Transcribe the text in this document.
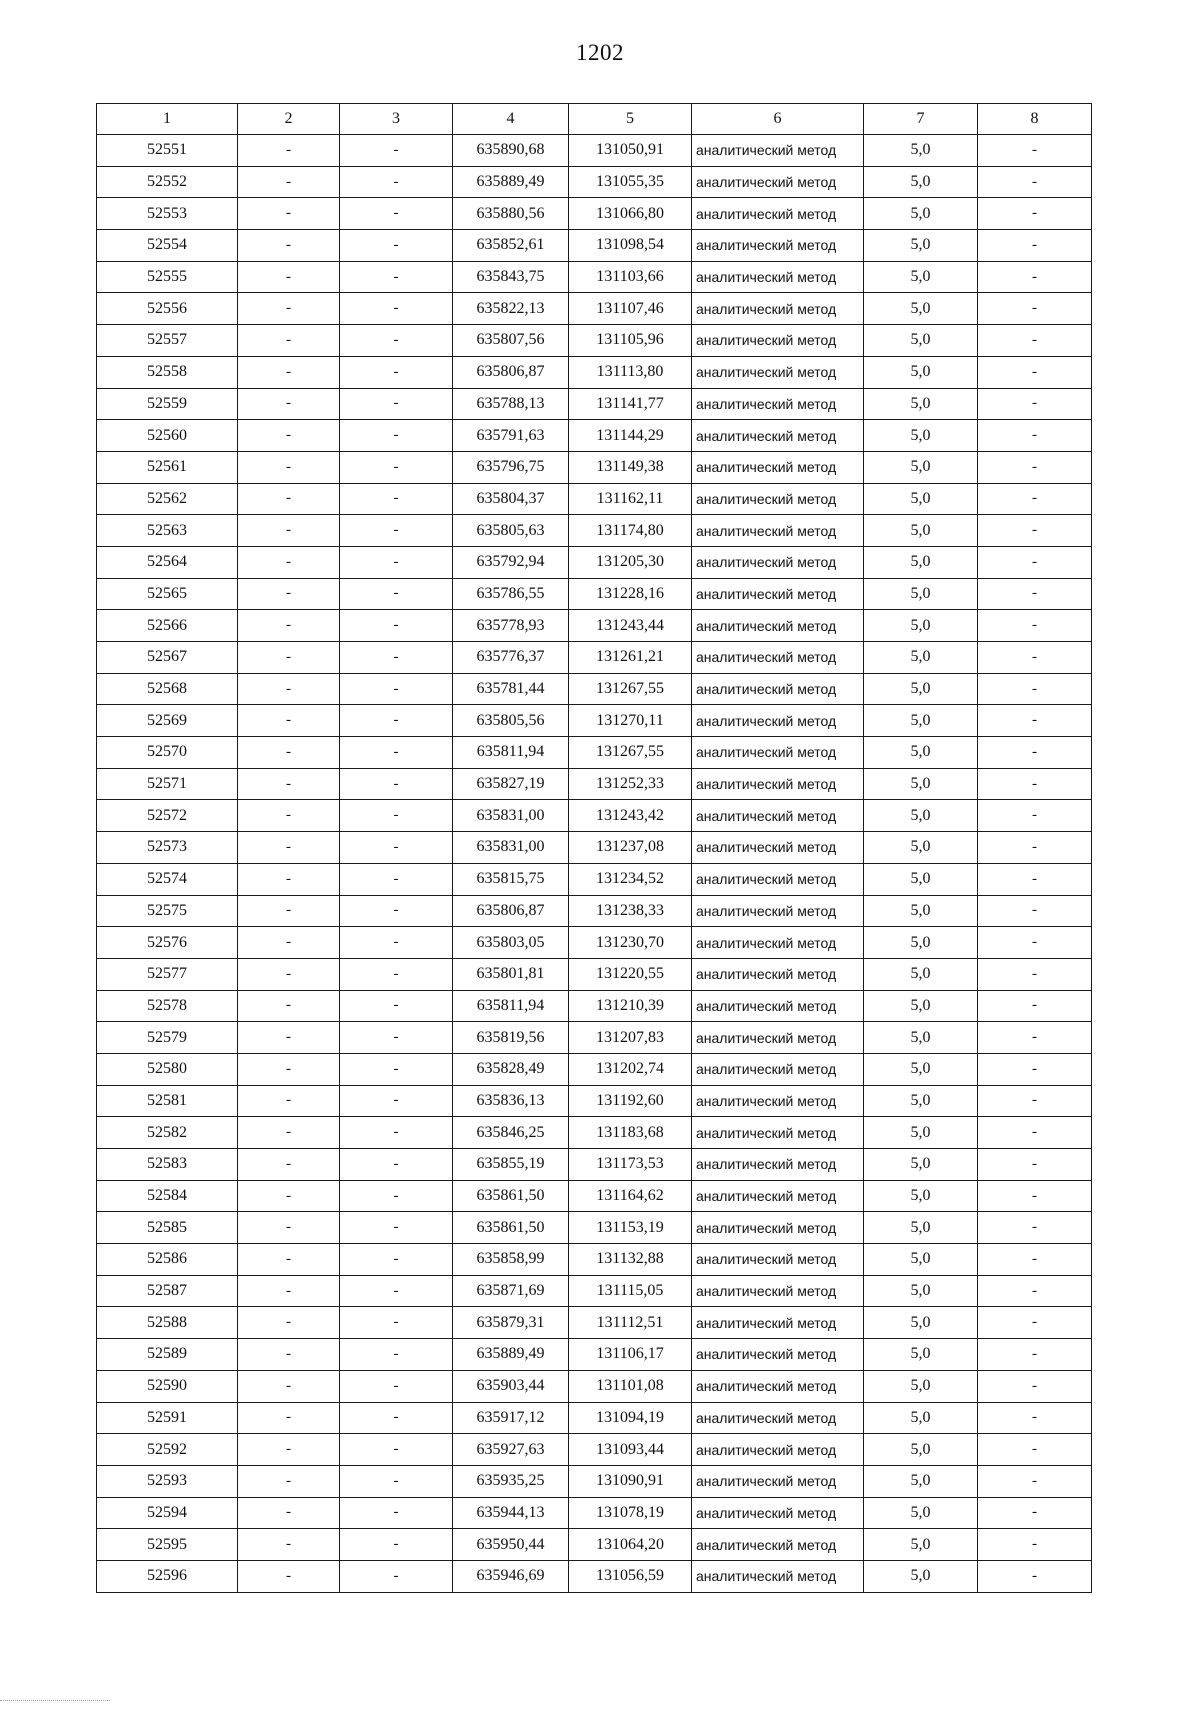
1202
1	2	3	4	5	6	7	8
52551	-	-	635890,68	131050,91	аналитический метод	5,0	-
52552	-	-	635889,49	131055,35	аналитический метод	5,0	-
52553	-	-	635880,56	131066,80	аналитический метод	5,0	-
52554	-	-	635852,61	131098,54	аналитический метод	5,0	-
52555	-	-	635843,75	131103,66	аналитический метод	5,0	-
52556	-	-	635822,13	131107,46	аналитический метод	5,0	-
52557	-	-	635807,56	131105,96	аналитический метод	5,0	-
52558	-	-	635806,87	131113,80	аналитический метод	5,0	-
52559	-	-	635788,13	131141,77	аналитический метод	5,0	-
52560	-	-	635791,63	131144,29	аналитический метод	5,0	-
52561	-	-	635796,75	131149,38	аналитический метод	5,0	-
52562	-	-	635804,37	131162,11	аналитический метод	5,0	-
52563	-	-	635805,63	131174,80	аналитический метод	5,0	-
52564	-	-	635792,94	131205,30	аналитический метод	5,0	-
52565	-	-	635786,55	131228,16	аналитический метод	5,0	-
52566	-	-	635778,93	131243,44	аналитический метод	5,0	-
52567	-	-	635776,37	131261,21	аналитический метод	5,0	-
52568	-	-	635781,44	131267,55	аналитический метод	5,0	-
52569	-	-	635805,56	131270,11	аналитический метод	5,0	-
52570	-	-	635811,94	131267,55	аналитический метод	5,0	-
52571	-	-	635827,19	131252,33	аналитический метод	5,0	-
52572	-	-	635831,00	131243,42	аналитический метод	5,0	-
52573	-	-	635831,00	131237,08	аналитический метод	5,0	-
52574	-	-	635815,75	131234,52	аналитический метод	5,0	-
52575	-	-	635806,87	131238,33	аналитический метод	5,0	-
52576	-	-	635803,05	131230,70	аналитический метод	5,0	-
52577	-	-	635801,81	131220,55	аналитический метод	5,0	-
52578	-	-	635811,94	131210,39	аналитический метод	5,0	-
52579	-	-	635819,56	131207,83	аналитический метод	5,0	-
52580	-	-	635828,49	131202,74	аналитический метод	5,0	-
52581	-	-	635836,13	131192,60	аналитический метод	5,0	-
52582	-	-	635846,25	131183,68	аналитический метод	5,0	-
52583	-	-	635855,19	131173,53	аналитический метод	5,0	-
52584	-	-	635861,50	131164,62	аналитический метод	5,0	-
52585	-	-	635861,50	131153,19	аналитический метод	5,0	-
52586	-	-	635858,99	131132,88	аналитический метод	5,0	-
52587	-	-	635871,69	131115,05	аналитический метод	5,0	-
52588	-	-	635879,31	131112,51	аналитический метод	5,0	-
52589	-	-	635889,49	131106,17	аналитический метод	5,0	-
52590	-	-	635903,44	131101,08	аналитический метод	5,0	-
52591	-	-	635917,12	131094,19	аналитический метод	5,0	-
52592	-	-	635927,63	131093,44	аналитический метод	5,0	-
52593	-	-	635935,25	131090,91	аналитический метод	5,0	-
52594	-	-	635944,13	131078,19	аналитический метод	5,0	-
52595	-	-	635950,44	131064,20	аналитический метод	5,0	-
52596	-	-	635946,69	131056,59	аналитический метод	5,0	-
